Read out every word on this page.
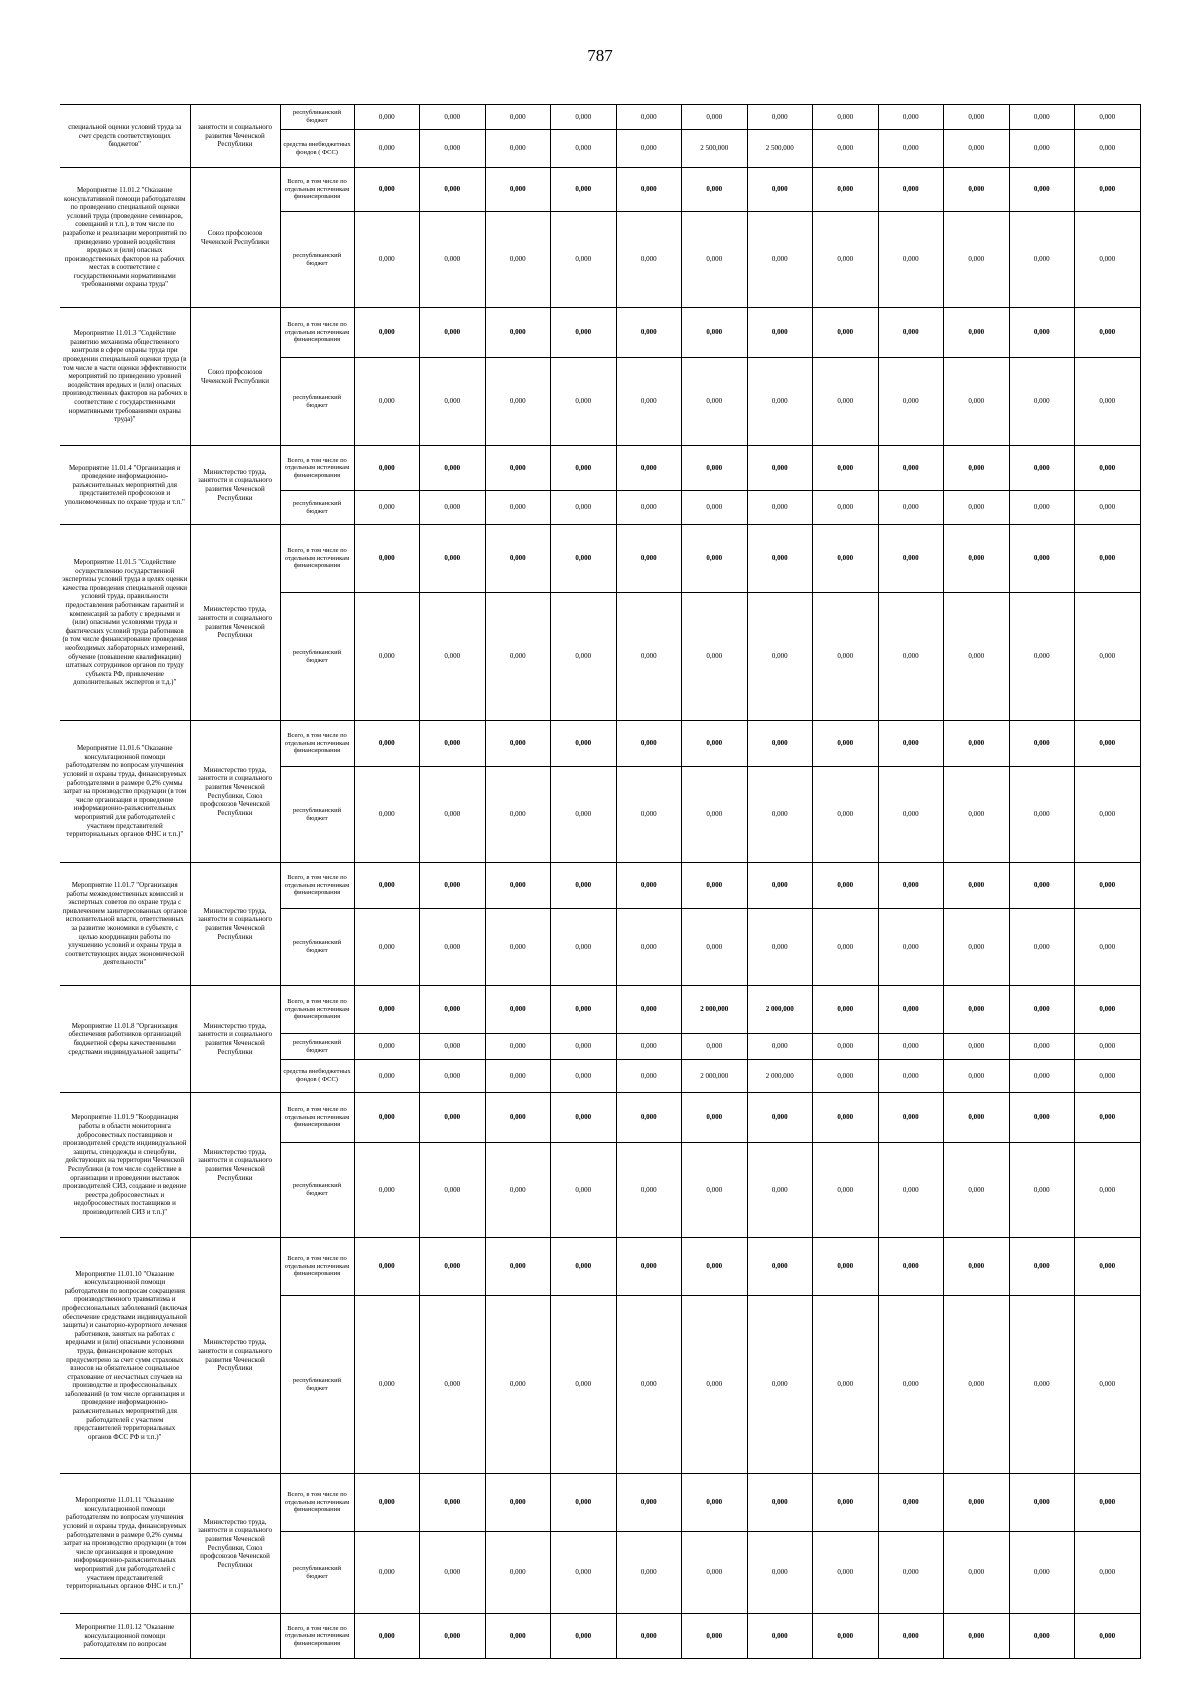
787
специальной оценки условий труда за счет средств соответствующих бюджетов"	занятости и социального развития Чеченской Республики	республиканский бюджет	0,000	0,000	0,000	0,000	0,000	0,000	0,000	0,000	0,000	0,000	0,000	0,000
		средства внебюджетных фондов ( ФСС)	0,000	0,000	0,000	0,000	0,000	2 500,000	2 500,000	0,000	0,000	0,000	0,000	0,000
Мероприятие 11.01.2 "Оказание консультативной помощи работодателям по проведению специальной оценки условий труда (проведение семинаров, совещаний и т.п.), в том числе по разработке и реализации мероприятий по приведению уровней воздействия вредных и (или) опасных производственных факторов на рабочих местах в соответствие с государственными нормативными требованиями охраны труда"	Союз профсоюзов Чеченской Республики	Всего, в том числе по отдельным источникам финансирования	0,000	0,000	0,000	0,000	0,000	0,000	0,000	0,000	0,000	0,000	0,000	0,000
		республиканский бюджет	0,000	0,000	0,000	0,000	0,000	0,000	0,000	0,000	0,000	0,000	0,000	0,000
Мероприятие 11.01.3 "Содействие развитию механизма общественного контроля в сфере охраны труда при проведении специальной оценки труда (в том числе в части оценки эффективности мероприятий по приведению уровней воздействия вредных и (или) опасных производственных факторов на рабочих в соответствие с государственными нормативными требованиями охраны труда)"	Союз профсоюзов Чеченской Республики	Всего, в том числе по отдельным источникам финансирования	0,000	0,000	0,000	0,000	0,000	0,000	0,000	0,000	0,000	0,000	0,000	0,000
		республиканский бюджет	0,000	0,000	0,000	0,000	0,000	0,000	0,000	0,000	0,000	0,000	0,000	0,000
Мероприятие 11.01.4 "Организация и проведение информационно-разъяснительных мероприятий для представителей профсоюзов и уполномоченных по охране труда и т.п."	Министерство труда, занятости и социального развития Чеченской Республики	Всего, в том числе по отдельным источникам финансирования	0,000	0,000	0,000	0,000	0,000	0,000	0,000	0,000	0,000	0,000	0,000	0,000
		республиканский бюджет	0,000	0,000	0,000	0,000	0,000	0,000	0,000	0,000	0,000	0,000	0,000	0,000
Мероприятие 11.01.5 "Содействие осуществлению государственной экспертизы условий труда в целях оценки качества проведения специальной оценки условий труда, правильности предоставления работникам гарантий и компенсаций за работу с вредными и (или) опасными условиями труда и фактических условий труда работников (в том числе финансирование проведения необходимых лабораторных измерений, обучение (повышение квалификации) штатных сотрудников органов по труду субъекта РФ, привлечение дополнительных экспертов и т.д.)"	Министерство труда, занятости и социального развития Чеченской Республики	Всего, в том числе по отдельным источникам финансирования	0,000	0,000	0,000	0,000	0,000	0,000	0,000	0,000	0,000	0,000	0,000	0,000
		республиканский бюджет	0,000	0,000	0,000	0,000	0,000	0,000	0,000	0,000	0,000	0,000	0,000	0,000
Мероприятие 11.01.6 "Оказание консультационной помощи работодателям по вопросам улучшения условий и охраны труда, финансируемых работодателями в размере 0,2% суммы затрат на производство продукции (в том числе организация и проведение информационно-разъяснительных мероприятий для работодателей с участием представителей территориальных органов ФНС и т.п.)"	Министерство труда, занятости и социального развития Чеченской Республики, Союз профсоюзов Чеченской Республики	Всего, в том числе по отдельным источникам финансирования	0,000	0,000	0,000	0,000	0,000	0,000	0,000	0,000	0,000	0,000	0,000	0,000
		республиканский бюджет	0,000	0,000	0,000	0,000	0,000	0,000	0,000	0,000	0,000	0,000	0,000	0,000
Мероприятие 11.01.7 "Организация работы межведомственных комиссий и экспертных советов по охране труда с привлечением заинтересованных органов исполнительной власти, ответственных за развитие экономики в субъекте, с целью координации работы по улучшению условий и охраны труда в соответствующих видах экономической деятельности"	Министерство труда, занятости и социального развития Чеченской Республики	Всего, в том числе по отдельным источникам финансирования	0,000	0,000	0,000	0,000	0,000	0,000	0,000	0,000	0,000	0,000	0,000	0,000
		республиканский бюджет	0,000	0,000	0,000	0,000	0,000	0,000	0,000	0,000	0,000	0,000	0,000	0,000
Мероприятие 11.01.8 "Организация обеспечения работников организаций бюджетной сферы качественными средствами индивидуальной защиты"	Министерство труда, занятости и социального развития Чеченской Республики	Всего, в том числе по отдельным источникам финансирования	0,000	0,000	0,000	0,000	0,000	2 000,000	2 000,000	0,000	0,000	0,000	0,000	0,000
		республиканский бюджет	0,000	0,000	0,000	0,000	0,000	0,000	0,000	0,000	0,000	0,000	0,000	0,000
		средства внебюджетных фондов ( ФСС)	0,000	0,000	0,000	0,000	0,000	2 000,000	2 000,000	0,000	0,000	0,000	0,000	0,000
Мероприятие 11.01.9 "Координация работы в области мониторинга добросовестных поставщиков и производителей средств индивидуальной защиты, спецодежды и спецобуви, действующих на территории Чеченской Республики (в том числе содействие в организации и проведении выставок производителей СИЗ, создание и ведение реестра добросовестных и недобросовестных поставщиков и производителей СИЗ и т.п.)"	Министерство труда, занятости и социального развития Чеченской Республики	Всего, в том числе по отдельным источникам финансирования	0,000	0,000	0,000	0,000	0,000	0,000	0,000	0,000	0,000	0,000	0,000	0,000
		республиканский бюджет	0,000	0,000	0,000	0,000	0,000	0,000	0,000	0,000	0,000	0,000	0,000	0,000
Мероприятие 11.01.10 "Оказание консультационной помощи работодателям по вопросам сокращения производственного травматизма и профессиональных заболеваний (включая обеспечение средствами индивидуальной защиты) и санаторно-курортного лечения работников, занятых на работах с вредными и (или) опасными условиями труда, финансирование которых предусмотрено за счет сумм страховых взносов на обязательное социальное страхование от несчастных случаев на производстве и профессиональных заболеваний (в том числе организация и проведение информационно-разъяснительных мероприятий для работодателей с участием представителей территориальных органов ФСС РФ и т.п.)"	Министерство труда, занятости и социального развития Чеченской Республики	Всего, в том числе по отдельным источникам финансирования	0,000	0,000	0,000	0,000	0,000	0,000	0,000	0,000	0,000	0,000	0,000	0,000
		республиканский бюджет	0,000	0,000	0,000	0,000	0,000	0,000	0,000	0,000	0,000	0,000	0,000	0,000
Мероприятие 11.01.11 "Оказание консультационной помощи работодателям по вопросам улучшения условий и охраны труда, финансируемых работодателями в размере 0,2% суммы затрат на производство продукции (в том числе организация и проведение информационно-разъяснительных мероприятий для работодателей с участием представителей территориальных органов ФНС и т.п.)"	Министерство труда, занятости и социального развития Чеченской Республики, Союз профсоюзов Чеченской Республики	Всего, в том числе по отдельным источникам финансирования	0,000	0,000	0,000	0,000	0,000	0,000	0,000	0,000	0,000	0,000	0,000	0,000
		республиканский бюджет	0,000	0,000	0,000	0,000	0,000	0,000	0,000	0,000	0,000	0,000	0,000	0,000
Мероприятие 11.01.12 "Оказание консультационной помощи работодателям по вопросам		Всего, в том числе по отдельным источникам финансирования	0,000	0,000	0,000	0,000	0,000	0,000	0,000	0,000	0,000	0,000	0,000	0,000
